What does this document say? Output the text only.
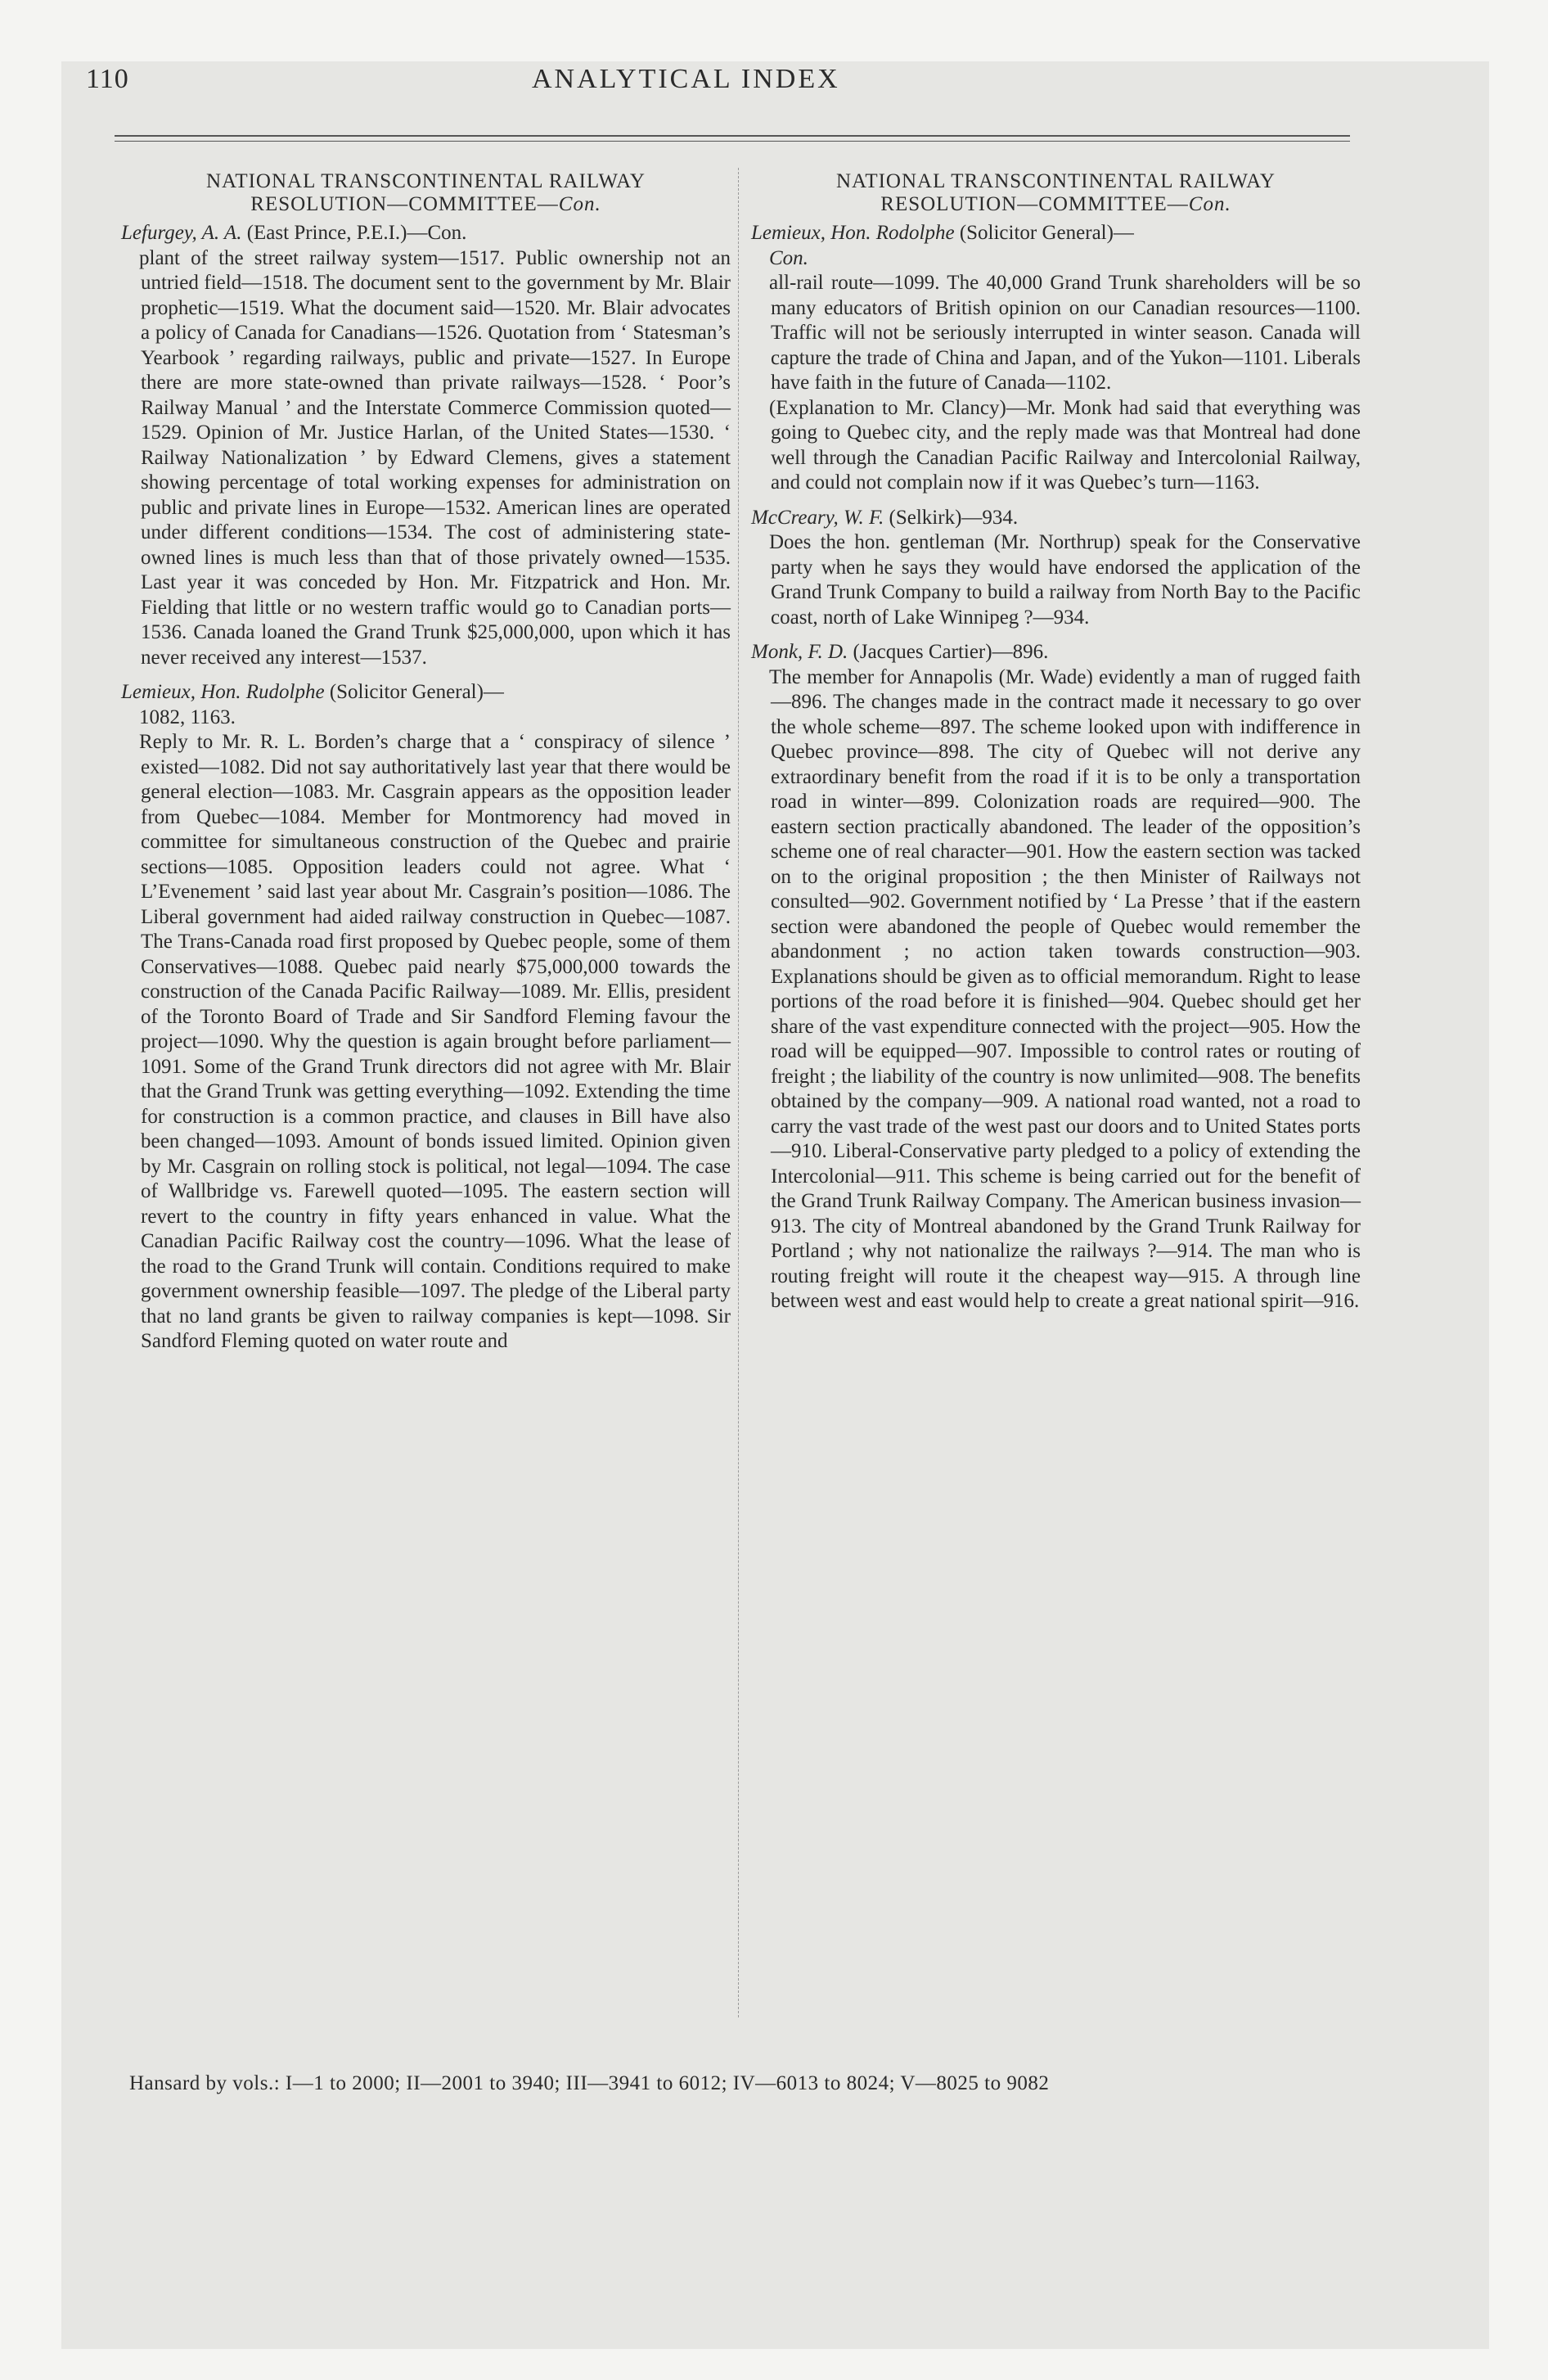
110	ANALYTICAL INDEX
NATIONAL TRANSCONTINENTAL RAILWAY
RESOLUTION—COMMITTEE—Con.
Lefurgey, A. A. (East Prince, P.E.I.)—Con.

plant of the street railway system—1517. Public ownership not an untried field—1518. The document sent to the government by Mr. Blair prophetic—1519. What the document said—1520. Mr. Blair advocates a policy of Canada for Canadians—1526. Quotation from ‘ Statesman’s Yearbook ’ regarding railways, public and private—1527. In Europe there are more state-owned than private railways—1528. ‘ Poor’s Railway Manual ’ and the Interstate Commerce Commission quoted—1529. Opinion of Mr. Justice Harlan, of the United States—1530. ‘ Railway Nationalization ’ by Edward Clemens, gives a statement showing percentage of total working expenses for administration on public and private lines in Europe—1532. American lines are operated under different conditions—1534. The cost of administering state-owned lines is much less than that of those privately owned—1535. Last year it was conceded by Hon. Mr. Fitzpatrick and Hon. Mr. Fielding that little or no western traffic would go to Canadian ports—1536. Canada loaned the Grand Trunk $25,000,000, upon which it has never received any interest—1537.

Lemieux, Hon. Rudolphe (Solicitor General)—
1082, 1163.

Reply to Mr. R. L. Borden’s charge that a ‘ conspiracy of silence ’ existed—1082. Did not say authoritatively last year that there would be general election—1083. Mr. Casgrain appears as the opposition leader from Quebec—1084. Member for Montmorency had moved in committee for simultaneous construction of the Quebec and prairie sections—1085. Opposition leaders could not agree. What ‘ L’Evenement ’ said last year about Mr. Casgrain’s position—1086. The Liberal government had aided railway construction in Quebec—1087. The Trans-Canada road first proposed by Quebec people, some of them Conservatives—1088. Quebec paid nearly $75,000,000 towards the construction of the Canada Pacific Railway—1089. Mr. Ellis, president of the Toronto Board of Trade and Sir Sandford Fleming favour the project—1090. Why the question is again brought before parliament—1091. Some of the Grand Trunk directors did not agree with Mr. Blair that the Grand Trunk was getting everything—1092. Extending the time for construction is a common practice, and clauses in Bill have also been changed—1093. Amount of bonds issued limited. Opinion given by Mr. Casgrain on rolling stock is political, not legal—1094. The case of Wallbridge vs. Farewell quoted—1095. The eastern section will revert to the country in fifty years enhanced in value. What the Canadian Pacific Railway cost the country—1096. What the lease of the road to the Grand Trunk will contain. Conditions required to make government ownership feasible—1097. The pledge of the Liberal party that no land grants be given to railway companies is kept—1098. Sir Sandford Fleming quoted on water route and

NATIONAL TRANSCONTINENTAL RAILWAY
RESOLUTION—COMMITTEE—Con.
Lemieux, Hon. Rodolphe (Solicitor General)—
Con.

all-rail route—1099. The 40,000 Grand Trunk shareholders will be so many educators of British opinion on our Canadian resources—1100. Traffic will not be seriously interrupted in winter season. Canada will capture the trade of China and Japan, and of the Yukon—1101. Liberals have faith in the future of Canada—1102.

(Explanation to Mr. Clancy)—Mr. Monk had said that everything was going to Quebec city, and the reply made was that Montreal had done well through the Canadian Pacific Railway and Intercolonial Railway, and could not complain now if it was Quebec’s turn—1163.

McCreary, W. F. (Selkirk)—934.

Does the hon. gentleman (Mr. Northrup) speak for the Conservative party when he says they would have endorsed the application of the Grand Trunk Company to build a railway from North Bay to the Pacific coast, north of Lake Winnipeg ?—934.

Monk, F. D. (Jacques Cartier)—896.

The member for Annapolis (Mr. Wade) evidently a man of rugged faith—896. The changes made in the contract made it necessary to go over the whole scheme—897. The scheme looked upon with indifference in Quebec province—898. The city of Quebec will not derive any extraordinary benefit from the road if it is to be only a transportation road in winter—899. Colonization roads are required—900. The eastern section practically abandoned. The leader of the opposition’s scheme one of real character—901. How the eastern section was tacked on to the original proposition ; the then Minister of Railways not consulted—902. Government notified by ‘ La Presse ’ that if the eastern section were abandoned the people of Quebec would remember the abandonment ; no action taken towards construction—903. Explanations should be given as to official memorandum. Right to lease portions of the road before it is finished—904. Quebec should get her share of the vast expenditure connected with the project—905. How the road will be equipped—907. Impossible to control rates or routing of freight ; the liability of the country is now unlimited—908. The benefits obtained by the company—909. A national road wanted, not a road to carry the vast trade of the west past our doors and to United States ports—910. Liberal-Conservative party pledged to a policy of extending the Intercolonial—911. This scheme is being carried out for the benefit of the Grand Trunk Railway Company. The American business invasion—913. The city of Montreal abandoned by the Grand Trunk Railway for Portland ; why not nationalize the railways ?—914. The man who is routing freight will route it the cheapest way—915. A through line between west and east would help to create a great national spirit—916.

Hansard by vols.: I—1 to 2000; II—2001 to 3940; III—3941 to 6012; IV—6013 to 8024; V—8025 to 9082
